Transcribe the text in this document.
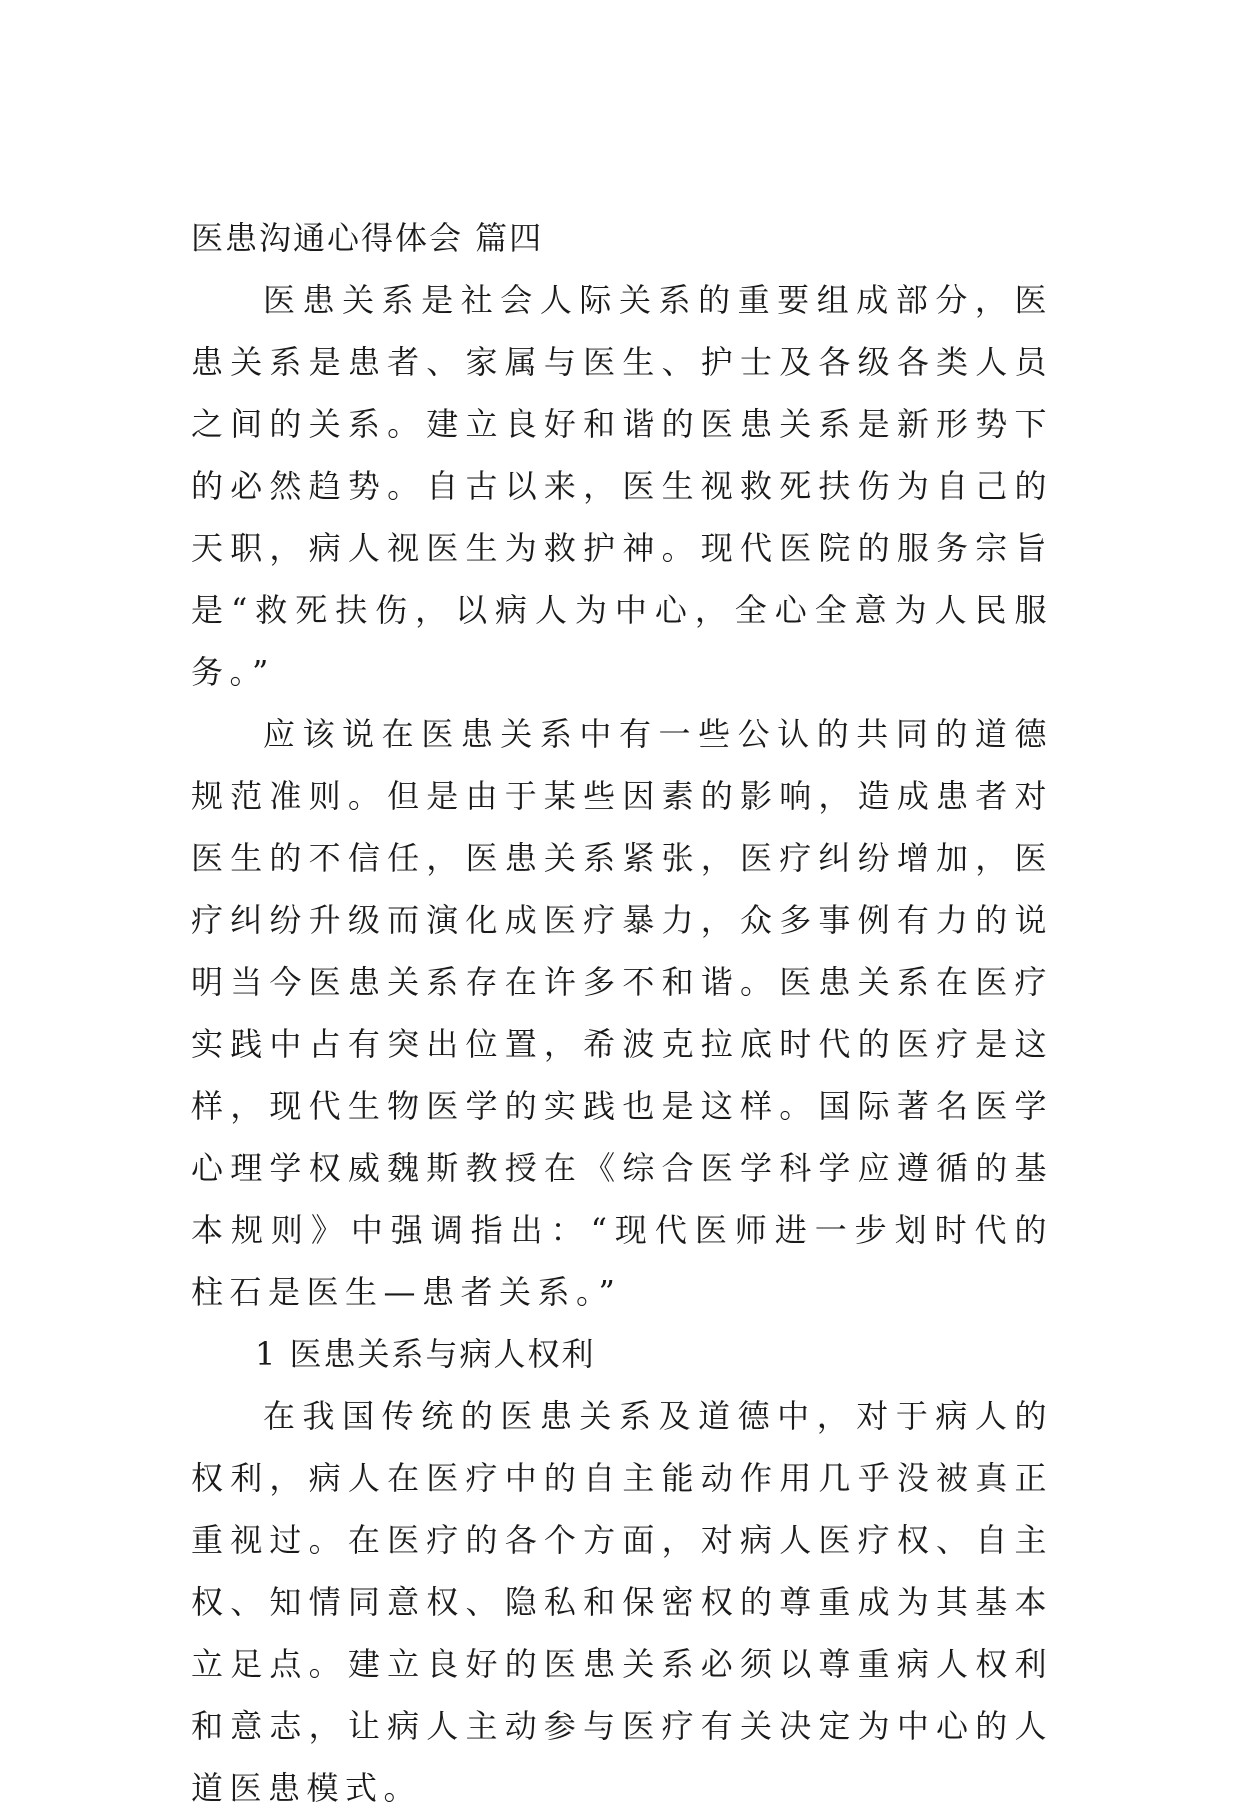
医患沟通心得体会 篇四

医患关系是社会人际关系的重要组成部分，医患关系是患者、家属与医生、护士及各级各类人员之间的关系。建立良好和谐的医患关系是新形势下的必然趋势。自古以来，医生视救死扶伤为自己的天职，病人视医生为救护神。现代医院的服务宗旨是“救死扶伤，以病人为中心，全心全意为人民服务。”

应该说在医患关系中有一些公认的共同的道德规范准则。但是由于某些因素的影响，造成患者对医生的不信任，医患关系紧张，医疗纠纷增加，医疗纠纷升级而演化成医疗暴力，众多事例有力的说明当今医患关系存在许多不和谐。医患关系在医疗实践中占有突出位置，希波克拉底时代的医疗是这样，现代生物医学的实践也是这样。国际著名医学心理学权威魏斯教授在《综合医学科学应遵循的基本规则》中强调指出：“现代医师进一步划时代的柱石是医生—患者关系。”

1 医患关系与病人权利

在我国传统的医患关系及道德中，对于病人的权利，病人在医疗中的自主能动作用几乎没被真正重视过。在医疗的各个方面，对病人医疗权、自主权、知情同意权、隐私和保密权的尊重成为其基本立足点。建立良好的医患关系必须以尊重病人权利和意志，让病人主动参与医疗有关决定为中心的人道医患模式。
